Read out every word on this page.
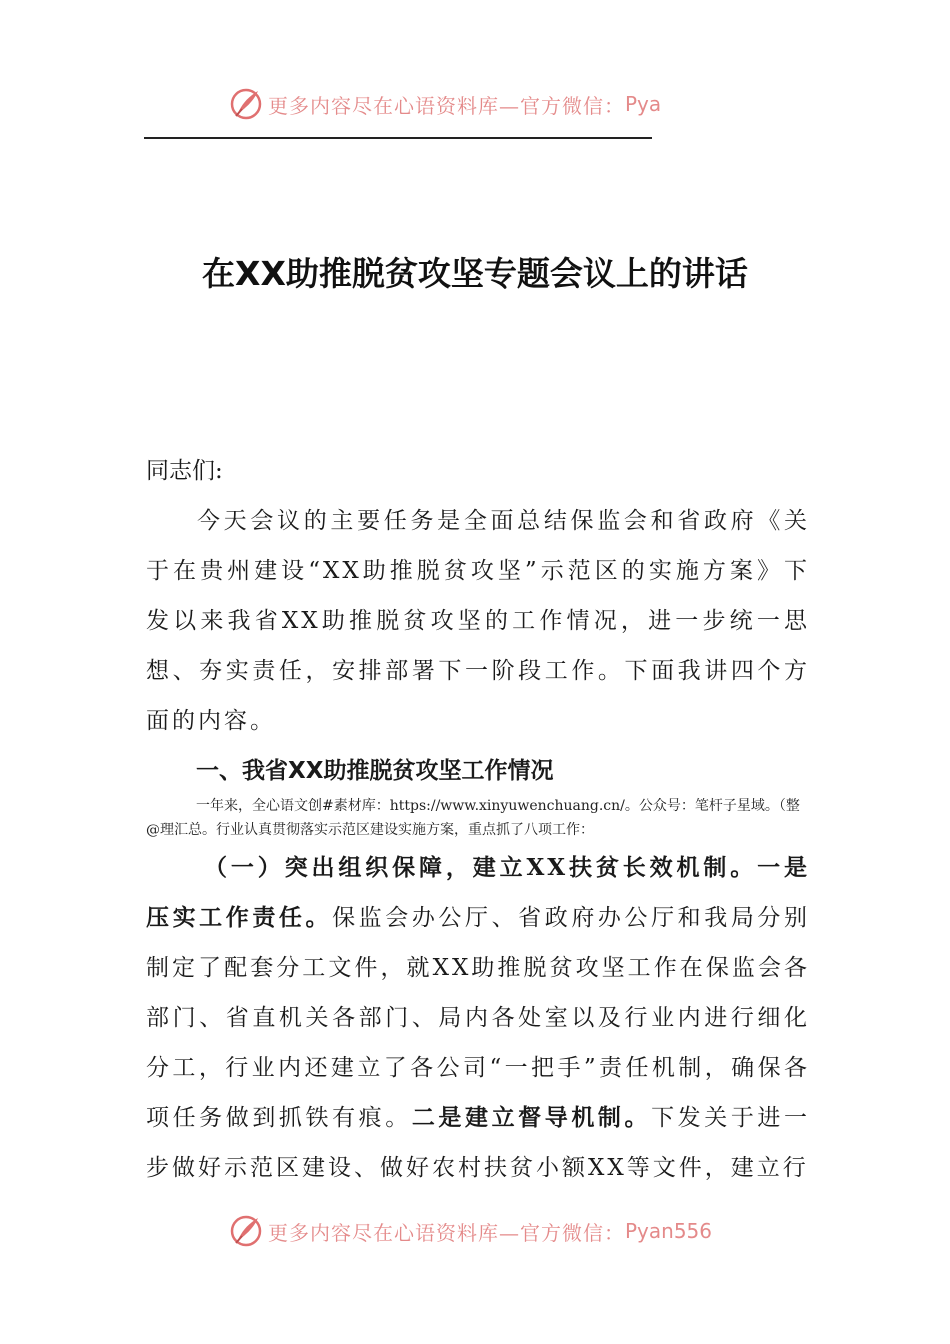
更多内容尽在心语资料库—官方微信： Pya
在XX助推脱贫攻坚专题会议上的讲话
同志们:

今天会议的主要任务是全面总结保监会和省政府《关于在贵州建设“XX助推脱贫攻坚”示范区的实施方案》下发以来我省XX助推脱贫攻坚的工作情况，进一步统一思想、夯实责任，安排部署下一阶段工作。下面我讲四个方面的内容。

一、我省XX助推脱贫攻坚工作情况

一年来，全心语文创#素材库：https://www.xinyuwenchuang.cn/。公众号：笔杆子星域。（整@理汇总。行业认真贯彻落实示范区建设实施方案，重点抓了八项工作：

（一）突出组织保障，建立XX扶贫长效机制。一是压实工作责任。保监会办公厅、省政府办公厅和我局分别制定了配套分工文件，就XX助推脱贫攻坚工作在保监会各部门、省直机关各部门、局内各处室以及行业内进行细化分工，行业内还建立了各公司“一把手”责任机制，确保各项任务做到抓铁有痕。二是建立督导机制。下发关于进一步做好示范区建设、做好农村扶贫小额XX等文件，建立行

更多内容尽在心语资料库—官方微信： Pyan556
